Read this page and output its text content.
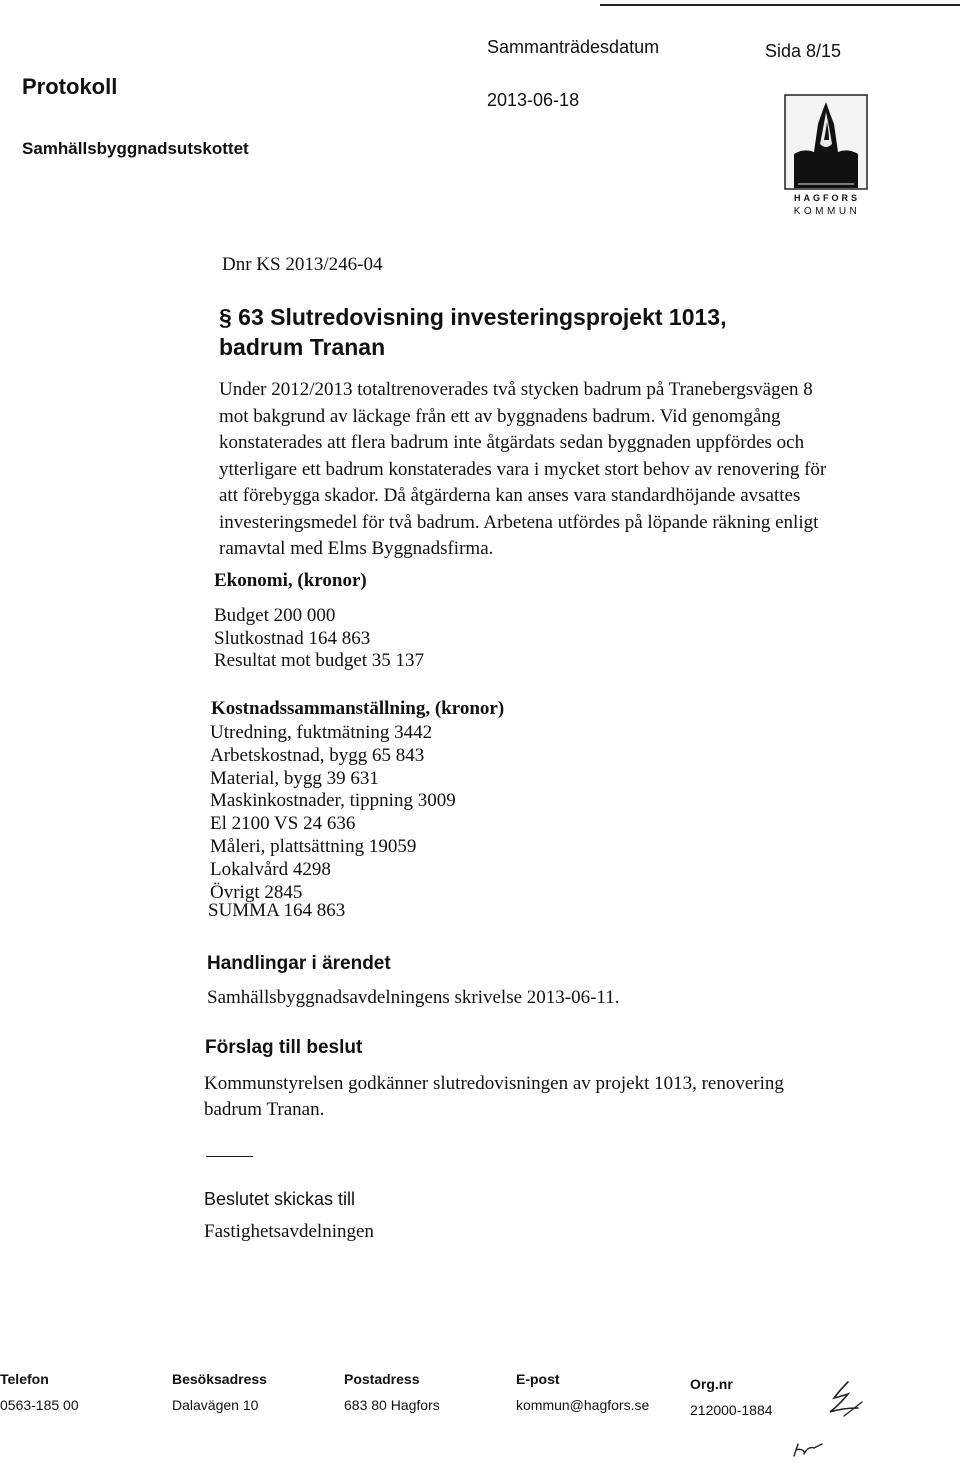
Protokoll
Sammanträdesdatum	Sida 8/15
2013-06-18
Samhällsbyggnadsutskottet
HAGFORS
KOMMUN
Dnr KS 2013/246-04
§ 63 Slutredovisning investeringsprojekt 1013,
badrum Tranan
Under 2012/2013 totaltrenoverades två stycken badrum på Tranebergsvägen 8
mot bakgrund av läckage från ett av byggnadens badrum. Vid genomgång
konstaterades att flera badrum inte åtgärdats sedan byggnaden uppfördes och
ytterligare ett badrum konstaterades vara i mycket stort behov av renovering för
att förebygga skador. Då åtgärderna kan anses vara standardhöjande avsattes
investeringsmedel för två badrum. Arbetena utfördes på löpande räkning enligt
ramavtal med Elms Byggnadsfirma.
Ekonomi, (kronor)
Budget 200 000
Slutkostnad 164 863
Resultat mot budget 35 137
Kostnadssammanställning, (kronor)
Utredning, fuktmätning 3442
Arbetskostnad, bygg 65 843
Material, bygg 39 631
Maskinkostnader, tippning 3009
El 2100 VS 24 636
Måleri, plattsättning 19059
Lokalvård 4298
Övrigt 2845
SUMMA 164 863
Handlingar i ärendet
Samhällsbyggnadsavdelningens skrivelse 2013-06-11.
Förslag till beslut
Kommunstyrelsen godkänner slutredovisningen av projekt 1013, renovering
badrum Tranan.
Beslutet skickas till
Fastighetsavdelningen
Telefon
0563-185 00
Besöksadress
Dalavägen 10
Postadress
683 80 Hagfors
E-post
kommun@hagfors.se
Org.nr
212000-1884
